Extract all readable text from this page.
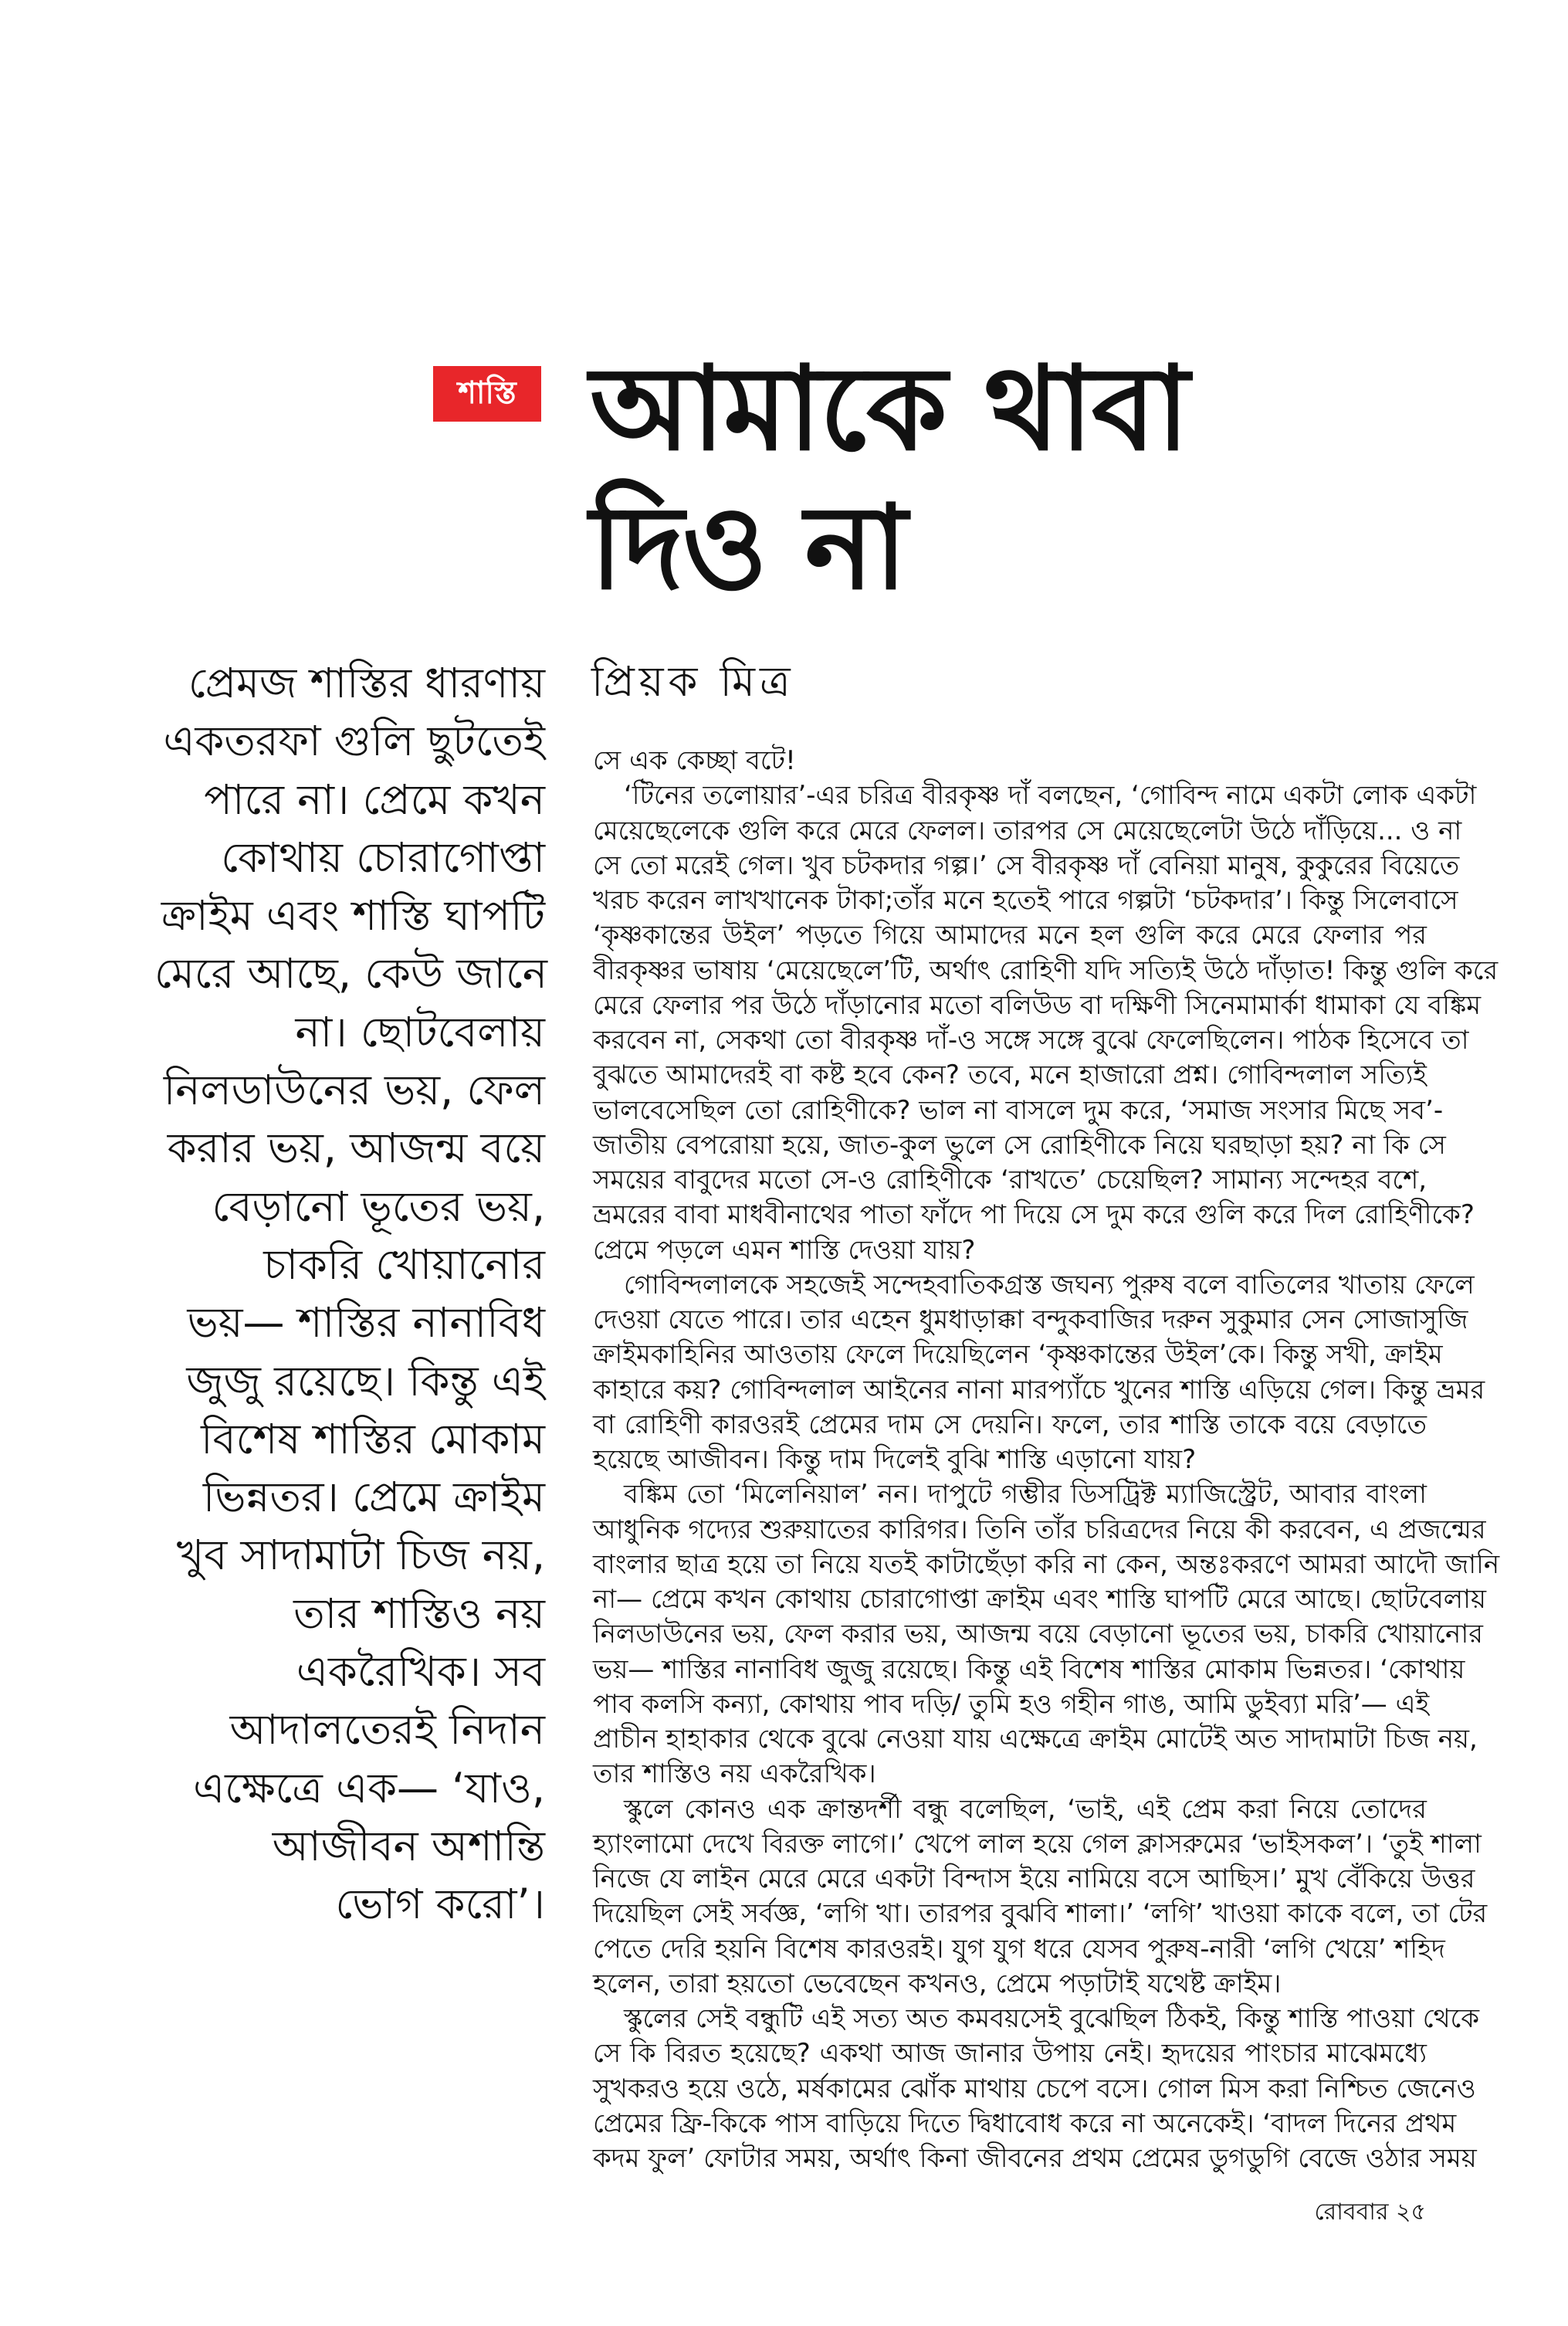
শাস্তি আমাকে থাবা
দিও না
প্রিয়ক মিত্র
প্রেমজ শাস্তির ধারণায়
একতরফা গুলি ছুটতেই
পারে না। প্রেমে কখন
কোথায় চোরাগোপ্তা
ক্রাইম এবং শাস্তি ঘাপটি
মেরে আছে, কেউ জানে
না। ছোটবেলায়
নিলডাউনের ভয়, ফেল
করার ভয়, আজন্ম বয়ে
বেড়ানো ভূতের ভয়,
চাকরি খোয়ানোর
ভয়— শাস্তির নানাবিধ
জুজু রয়েছে। কিন্তু এই
বিশেষ শাস্তির মোকাম
ভিন্নতর। প্রেমে ক্রাইম
খুব সাদামাটা চিজ নয়,
তার শাস্তিও নয়
একরৈখিক। সব
আদালতেরই নিদান
এক্ষেত্রে এক— ‘যাও,
আজীবন অশান্তি
ভোগ করো’।
সে এক কেচ্ছা বটে!
‘টিনের তলোয়ার’-এর চরিত্র বীরকৃষ্ণ দাঁ বলছেন, ‘গোবিন্দ নামে একটা লোক একটা
মেয়েছেলেকে গুলি করে মেরে ফেলল। তারপর সে মেয়েছেলেটা উঠে দাঁড়িয়ে... ও না
সে তো মরেই গেল। খুব চটকদার গল্প।’ সে বীরকৃষ্ণ দাঁ বেনিয়া মানুষ, কুকুরের বিয়েতে
খরচ করেন লাখখানেক টাকা;তাঁর মনে হতেই পারে গল্পটা ‘চটকদার’। কিন্তু সিলেবাসে
‘কৃষ্ণকান্তের উইল’ পড়তে গিয়ে আমাদের মনে হল গুলি করে মেরে ফেলার পর
বীরকৃষ্ণর ভাষায় ‘মেয়েছেলে’টি, অর্থাৎ রোহিণী যদি সত্যিই উঠে দাঁড়াত! কিন্তু গুলি করে
মেরে ফেলার পর উঠে দাঁড়ানোর মতো বলিউড বা দক্ষিণী সিনেমামার্কা ধামাকা যে বঙ্কিম
করবেন না, সেকথা তো বীরকৃষ্ণ দাঁ-ও সঙ্গে সঙ্গে বুঝে ফেলেছিলেন। পাঠক হিসেবে তা
বুঝতে আমাদেরই বা কষ্ট হবে কেন? তবে, মনে হাজারো প্রশ্ন। গোবিন্দলাল সত্যিই
ভালবেসেছিল তো রোহিণীকে? ভাল না বাসলে দুম করে, ‘সমাজ সংসার মিছে সব’-
জাতীয় বেপরোয়া হয়ে, জাত-কুল ভুলে সে রোহিণীকে নিয়ে ঘরছাড়া হয়? না কি সে
সময়ের বাবুদের মতো সে-ও রোহিণীকে ‘রাখতে’ চেয়েছিল? সামান্য সন্দেহর বশে,
ভ্রমরের বাবা মাধবীনাথের পাতা ফাঁদে পা দিয়ে সে দুম করে গুলি করে দিল রোহিণীকে?
প্রেমে পড়লে এমন শাস্তি দেওয়া যায়?
গোবিন্দলালকে সহজেই সন্দেহবাতিকগ্রস্ত জঘন্য পুরুষ বলে বাতিলের খাতায় ফেলে
দেওয়া যেতে পারে। তার এহেন ধুমধাড়াক্কা বন্দুকবাজির দরুন সুকুমার সেন সোজাসুজি
ক্রাইমকাহিনির আওতায় ফেলে দিয়েছিলেন ‘কৃষ্ণকান্তের উইল’কে। কিন্তু সখী, ক্রাইম
কাহারে কয়? গোবিন্দলাল আইনের নানা মারপ্যাঁচে খুনের শাস্তি এড়িয়ে গেল। কিন্তু ভ্রমর
বা রোহিণী কারওরই প্রেমের দাম সে দেয়নি। ফলে, তার শাস্তি তাকে বয়ে বেড়াতে
হয়েছে আজীবন। কিন্তু দাম দিলেই বুঝি শাস্তি এড়ানো যায়?
বঙ্কিম তো ‘মিলেনিয়াল’ নন। দাপুটে গম্ভীর ডিসট্রিক্ট ম্যাজিস্ট্রেট, আবার বাংলা
আধুনিক গদ্যের শুরুয়াতের কারিগর। তিনি তাঁর চরিত্রদের নিয়ে কী করবেন, এ প্রজন্মের
বাংলার ছাত্র হয়ে তা নিয়ে যতই কাটাছেঁড়া করি না কেন, অন্তঃকরণে আমরা আদৌ জানি
না— প্রেমে কখন কোথায় চোরাগোপ্তা ক্রাইম এবং শাস্তি ঘাপটি মেরে আছে। ছোটবেলায়
নিলডাউনের ভয়, ফেল করার ভয়, আজন্ম বয়ে বেড়ানো ভূতের ভয়, চাকরি খোয়ানোর
ভয়— শাস্তির নানাবিধ জুজু রয়েছে। কিন্তু এই বিশেষ শাস্তির মোকাম ভিন্নতর। ‘কোথায়
পাব কলসি কন্যা, কোথায় পাব দড়ি/ তুমি হও গহীন গাঙ, আমি ডুইব্যা মরি’— এই
প্রাচীন হাহাকার থেকে বুঝে নেওয়া যায় এক্ষেত্রে ক্রাইম মোটেই অত সাদামাটা চিজ নয়,
তার শাস্তিও নয় একরৈখিক।
স্কুলে কোনও এক ক্রান্তদর্শী বন্ধু বলেছিল, ‘ভাই, এই প্রেম করা নিয়ে তোদের
হ্যাংলামো দেখে বিরক্ত লাগে।’ খেপে লাল হয়ে গেল ক্লাসরুমের ‘ভাইসকল’। ‘তুই শালা
নিজে যে লাইন মেরে মেরে একটা বিন্দাস ইয়ে নামিয়ে বসে আছিস।’ মুখ বেঁকিয়ে উত্তর
দিয়েছিল সেই সর্বজ্ঞ, ‘লগি খা। তারপর বুঝবি শালা।’ ‘লগি’ খাওয়া কাকে বলে, তা টের
পেতে দেরি হয়নি বিশেষ কারওরই। যুগ যুগ ধরে যেসব পুরুষ-নারী ‘লগি খেয়ে’ শহিদ
হলেন, তারা হয়তো ভেবেছেন কখনও, প্রেমে পড়াটাই যথেষ্ট ক্রাইম।
স্কুলের সেই বন্ধুটি এই সত্য অত কমবয়সেই বুঝেছিল ঠিকই, কিন্তু শাস্তি পাওয়া থেকে
সে কি বিরত হয়েছে? একথা আজ জানার উপায় নেই। হৃদয়ের পাংচার মাঝেমধ্যে
সুখকরও হয়ে ওঠে, মর্ষকামের ঝোঁক মাথায় চেপে বসে। গোল মিস করা নিশ্চিত জেনেও
প্রেমের ফ্রি-কিকে পাস বাড়িয়ে দিতে দ্বিধাবোধ করে না অনেকেই। ‘বাদল দিনের প্রথম
কদম ফুল’ ফোটার সময়, অর্থাৎ কিনা জীবনের প্রথম প্রেমের ডুগডুগি বেজে ওঠার সময়
রোববার ২৫
